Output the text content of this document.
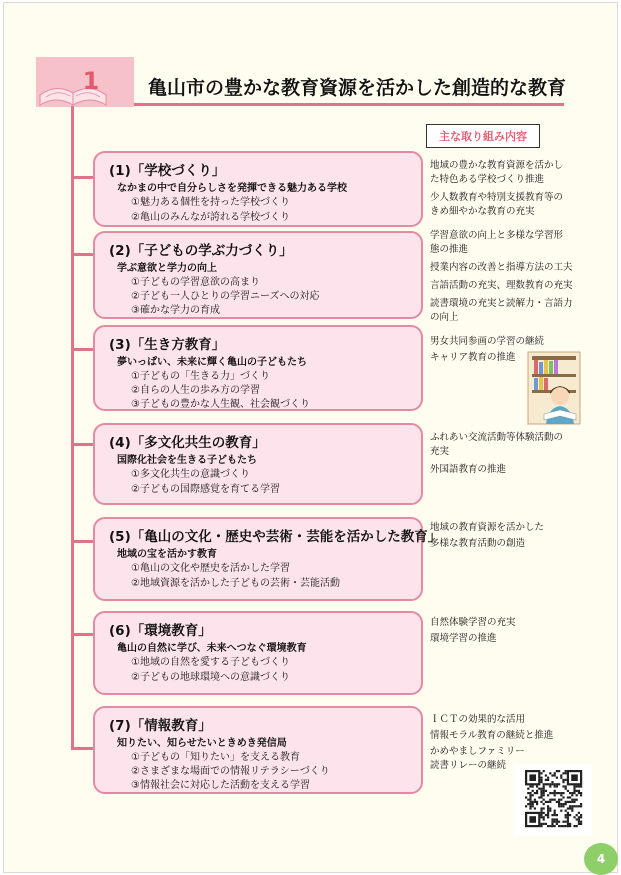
1	亀山市の豊かな教育資源を活かした創造的な教育
主な取り組み内容
(1)「学校づくり」
なかまの中で自分らしさを発揮できる魅力ある学校
①魅力ある個性を持った学校づくり
②亀山のみんなが誇れる学校づくり
地域の豊かな教育資源を活かし
た特色ある学校づくり推進
少人数教育や特別支援教育等の
きめ細やかな教育の充実
(2)「子どもの学ぶ力づくり」
学ぶ意欲と学力の向上
①子どもの学習意欲の高まり
②子ども一人ひとりの学習ニーズへの対応
③確かな学力の育成
学習意欲の向上と多様な学習形
態の推進
授業内容の改善と指導方法の工夫
言語活動の充実、理数教育の充実
読書環境の充実と読解力・言語力
の向上
(3)「生き方教育」
夢いっぱい、未来に輝く亀山の子どもたち
①子どもの「生きる力」づくり
②自らの人生の歩み方の学習
③子どもの豊かな人生観、社会観づくり
男女共同参画の学習の継続
キャリア教育の推進
(4)「多文化共生の教育」
国際化社会を生きる子どもたち
①多文化共生の意識づくり
②子どもの国際感覚を育てる学習
ふれあい交流活動等体験活動の
充実
外国語教育の推進
(5)「亀山の文化・歴史や芸術・芸能を活かした教育」
地域の宝を活かす教育
①亀山の文化や歴史を活かした学習
②地域資源を活かした子どもの芸術・芸能活動
地域の教育資源を活かした
多様な教育活動の創造
(6)「環境教育」
亀山の自然に学び、未来へつなぐ環境教育
①地域の自然を愛する子どもづくり
②子どもの地球環境への意識づくり
自然体験学習の充実
環境学習の推進
(7)「情報教育」
知りたい、知らせたいときめき発信局
①子どもの「知りたい」を支える教育
②さまざまな場面での情報リテラシーづくり
③情報社会に対応した活動を支える学習
ＩＣＴの効果的な活用
情報モラル教育の継続と推進
かめやましファミリー
読書リレーの継続
4
